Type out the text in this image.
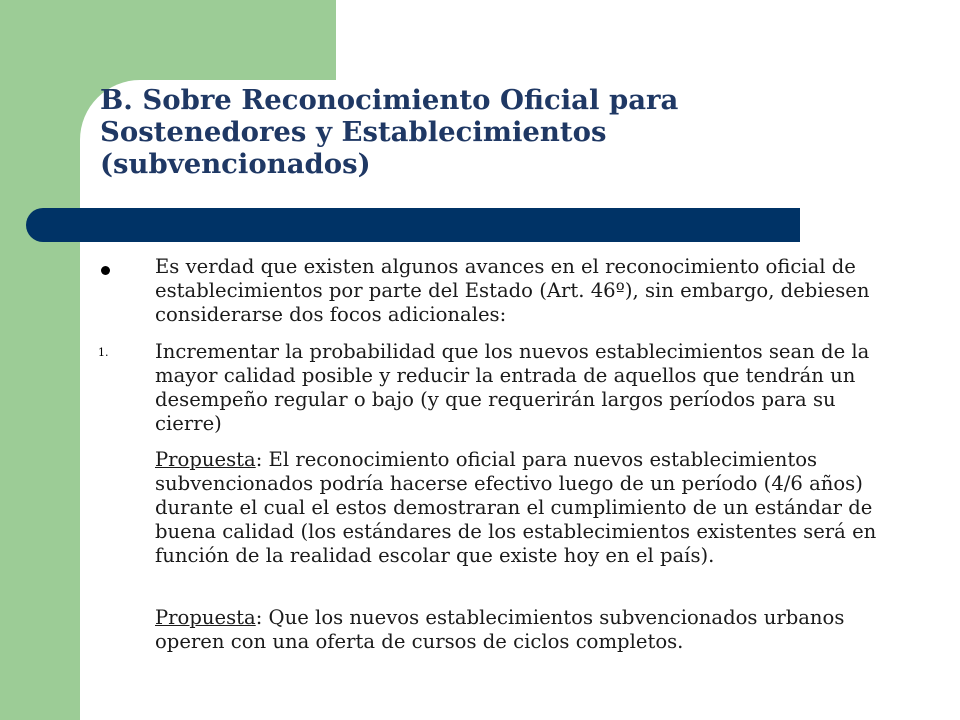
B. Sobre Reconocimiento Oficial para Sostenedores y Establecimientos (subvencionados)

Es verdad que existen algunos avances en el reconocimiento oficial de establecimientos por parte del Estado (Art. 46º), sin embargo, debiesen considerarse dos focos adicionales:

1. Incrementar la probabilidad que los nuevos establecimientos sean de la mayor calidad posible y reducir la entrada de aquellos que tendrán un desempeño regular o bajo (y que requerirán largos períodos para su cierre)

Propuesta: El reconocimiento oficial para nuevos establecimientos subvencionados podría hacerse efectivo luego de un período (4/6 años) durante el cual el estos demostraran el cumplimiento de un estándar de buena calidad (los estándares de los establecimientos existentes será en función de la realidad escolar que existe hoy en el país).

Propuesta: Que los nuevos establecimientos subvencionados urbanos operen con una oferta de cursos de ciclos completos.
